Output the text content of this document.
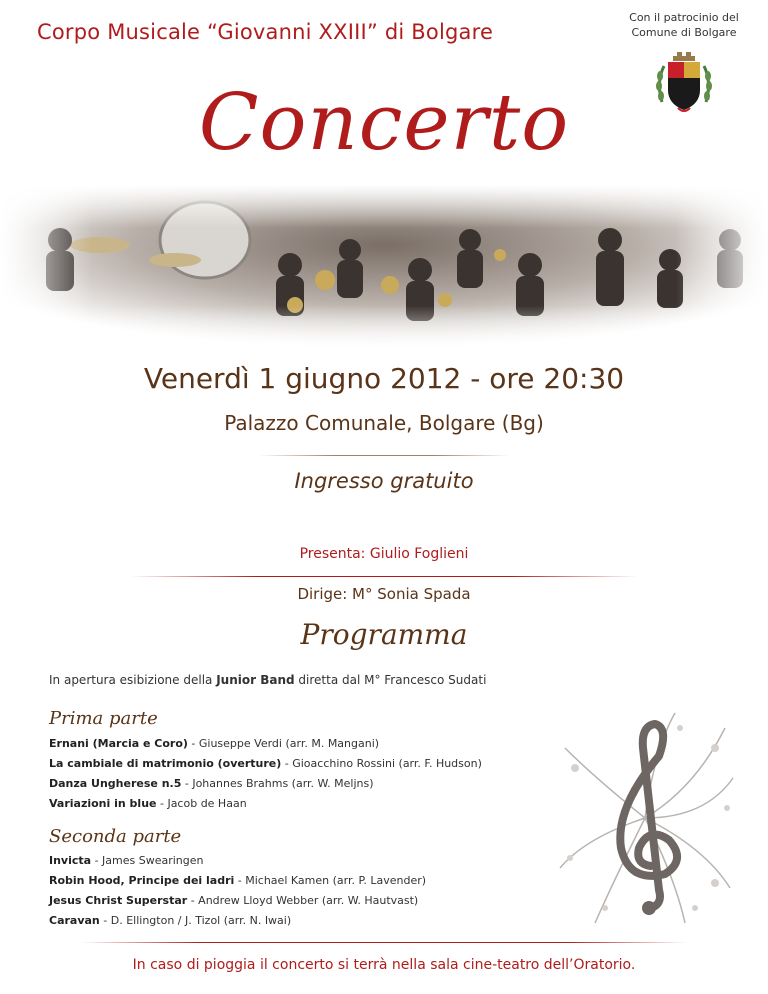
Corpo Musicale “Giovanni XXIII” di Bolgare
Con il patrocinio del
Comune di Bolgare
Concerto
Venerdì 1 giugno 2012 - ore 20:30
Palazzo Comunale, Bolgare (Bg)
Ingresso gratuito
Presenta: Giulio Foglieni
Dirige: M° Sonia Spada
Programma
In apertura esibizione della Junior Band diretta dal M° Francesco Sudati
Prima parte
Ernani (Marcia e Coro) - Giuseppe Verdi (arr. M. Mangani)
La cambiale di matrimonio (overture) - Gioacchino Rossini (arr. F. Hudson)
Danza Ungherese n.5 - Johannes Brahms (arr. W. Meljns)
Variazioni in blue - Jacob de Haan
Seconda parte
Invicta - James Swearingen
Robin Hood, Principe dei ladri - Michael Kamen (arr. P. Lavender)
Jesus Christ Superstar - Andrew Lloyd Webber (arr. W. Hautvast)
Caravan - D. Ellington / J. Tizol (arr. N. Iwai)
In caso di pioggia il concerto si terrà nella sala cine-teatro dell’Oratorio.
